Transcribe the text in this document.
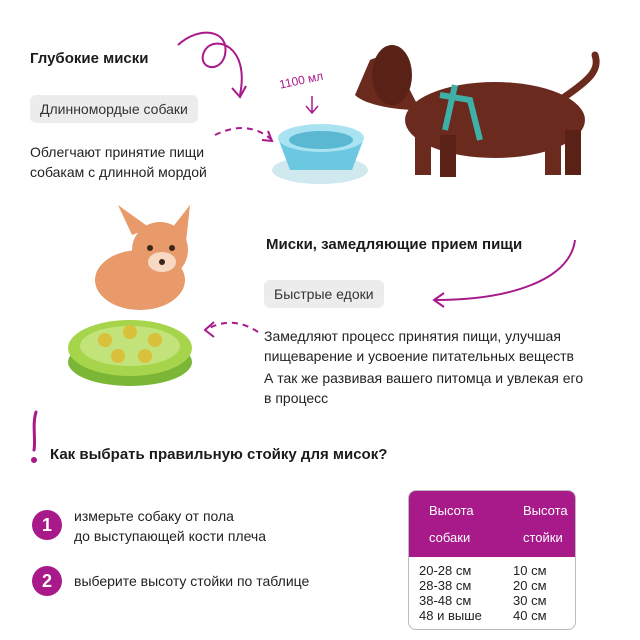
Глубокие миски
Длинномордые собаки
Облегчают принятие пищи
собакам с длинной мордой
1100 мл
Миски, замедляющие прием пищи
Быстрые едоки
Замедляют процесс принятия пищи, улучшая
пищеварение и усвоение питательных веществ
А так же развивая вашего питомца и увлекая его
в процесс
Как выбрать правильную стойку для мисок?
1	измерьте собаку от пола
до выступающей кости плеча
2	выберите высоту стойки по таблице
Высота
собаки
Высота
стойки
20-28 см
28-38 см
38-48 см
48 и выше
10 см
20 см
30 см
40 см
